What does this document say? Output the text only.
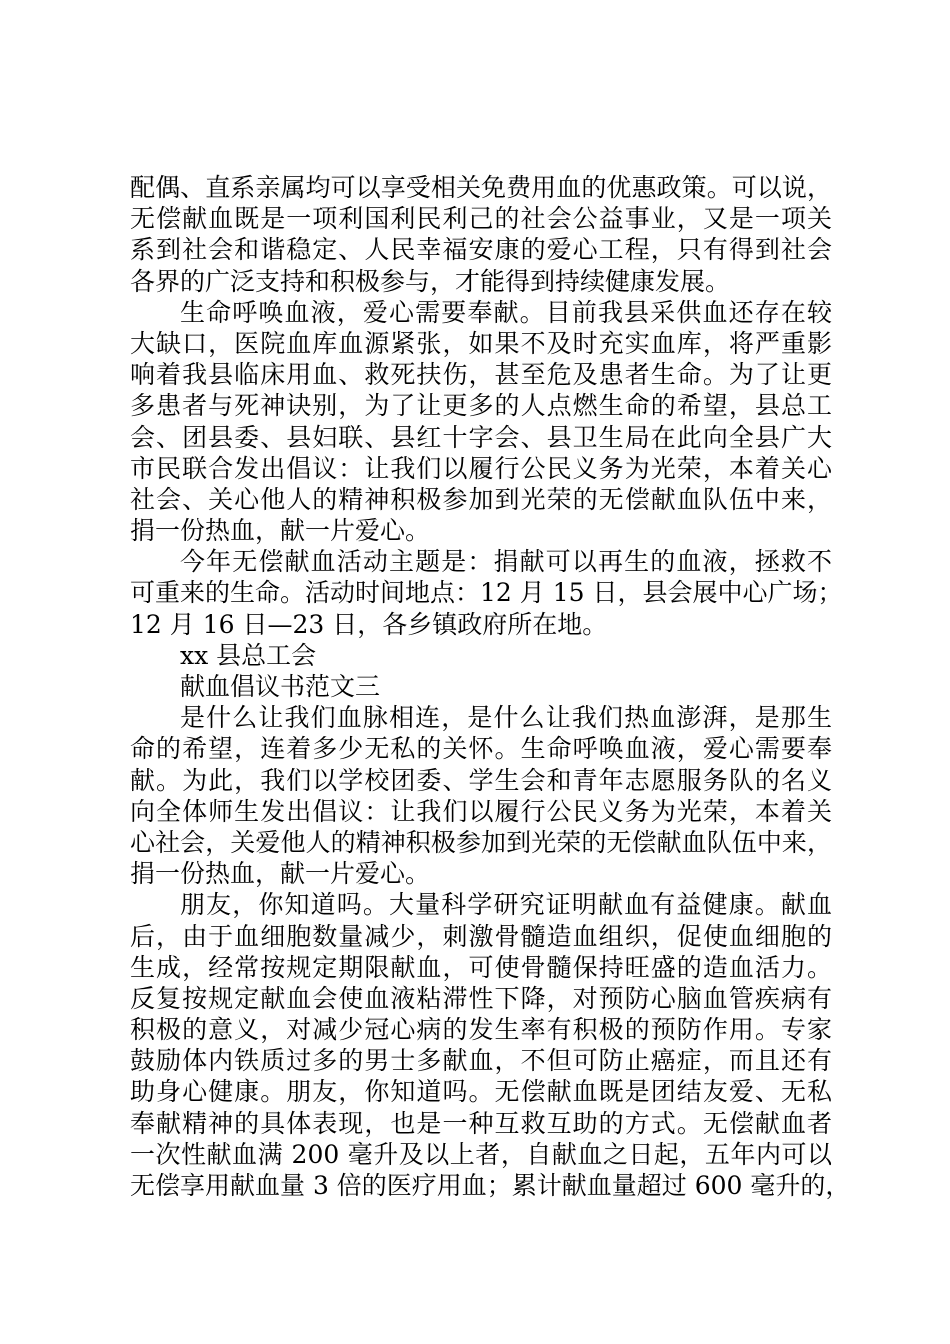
配偶、直系亲属均可以享受相关免费用血的优惠政策。可以说，
无偿献血既是一项利国利民利己的社会公益事业，又是一项关
系到社会和谐稳定、人民幸福安康的爱心工程，只有得到社会
各界的广泛支持和积极参与，才能得到持续健康发展。
生命呼唤血液，爱心需要奉献。目前我县采供血还存在较
大缺口，医院血库血源紧张，如果不及时充实血库，将严重影
响着我县临床用血、救死扶伤，甚至危及患者生命。为了让更
多患者与死神诀别，为了让更多的人点燃生命的希望，县总工
会、团县委、县妇联、县红十字会、县卫生局在此向全县广大
市民联合发出倡议：让我们以履行公民义务为光荣，本着关心
社会、关心他人的精神积极参加到光荣的无偿献血队伍中来，
捐一份热血，献一片爱心。
今年无偿献血活动主题是：捐献可以再生的血液，拯救不
可重来的生命。活动时间地点：12 月 15 日，县会展中心广场；
12 月 16 日—23 日，各乡镇政府所在地。
xx 县总工会
献血倡议书范文三
是什么让我们血脉相连，是什么让我们热血澎湃，是那生
命的希望，连着多少无私的关怀。生命呼唤血液，爱心需要奉
献。为此，我们以学校团委、学生会和青年志愿服务队的名义
向全体师生发出倡议：让我们以履行公民义务为光荣，本着关
心社会，关爱他人的精神积极参加到光荣的无偿献血队伍中来，
捐一份热血，献一片爱心。
朋友，你知道吗。大量科学研究证明献血有益健康。献血
后，由于血细胞数量减少，刺激骨髓造血组织，促使血细胞的
生成，经常按规定期限献血，可使骨髓保持旺盛的造血活力。
反复按规定献血会使血液粘滞性下降，对预防心脑血管疾病有
积极的意义，对减少冠心病的发生率有积极的预防作用。专家
鼓励体内铁质过多的男士多献血，不但可防止癌症，而且还有
助身心健康。朋友，你知道吗。无偿献血既是团结友爱、无私
奉献精神的具体表现，也是一种互救互助的方式。无偿献血者
一次性献血满 200 毫升及以上者，自献血之日起，五年内可以
无偿享用献血量 3 倍的医疗用血；累计献血量超过 600 毫升的，
